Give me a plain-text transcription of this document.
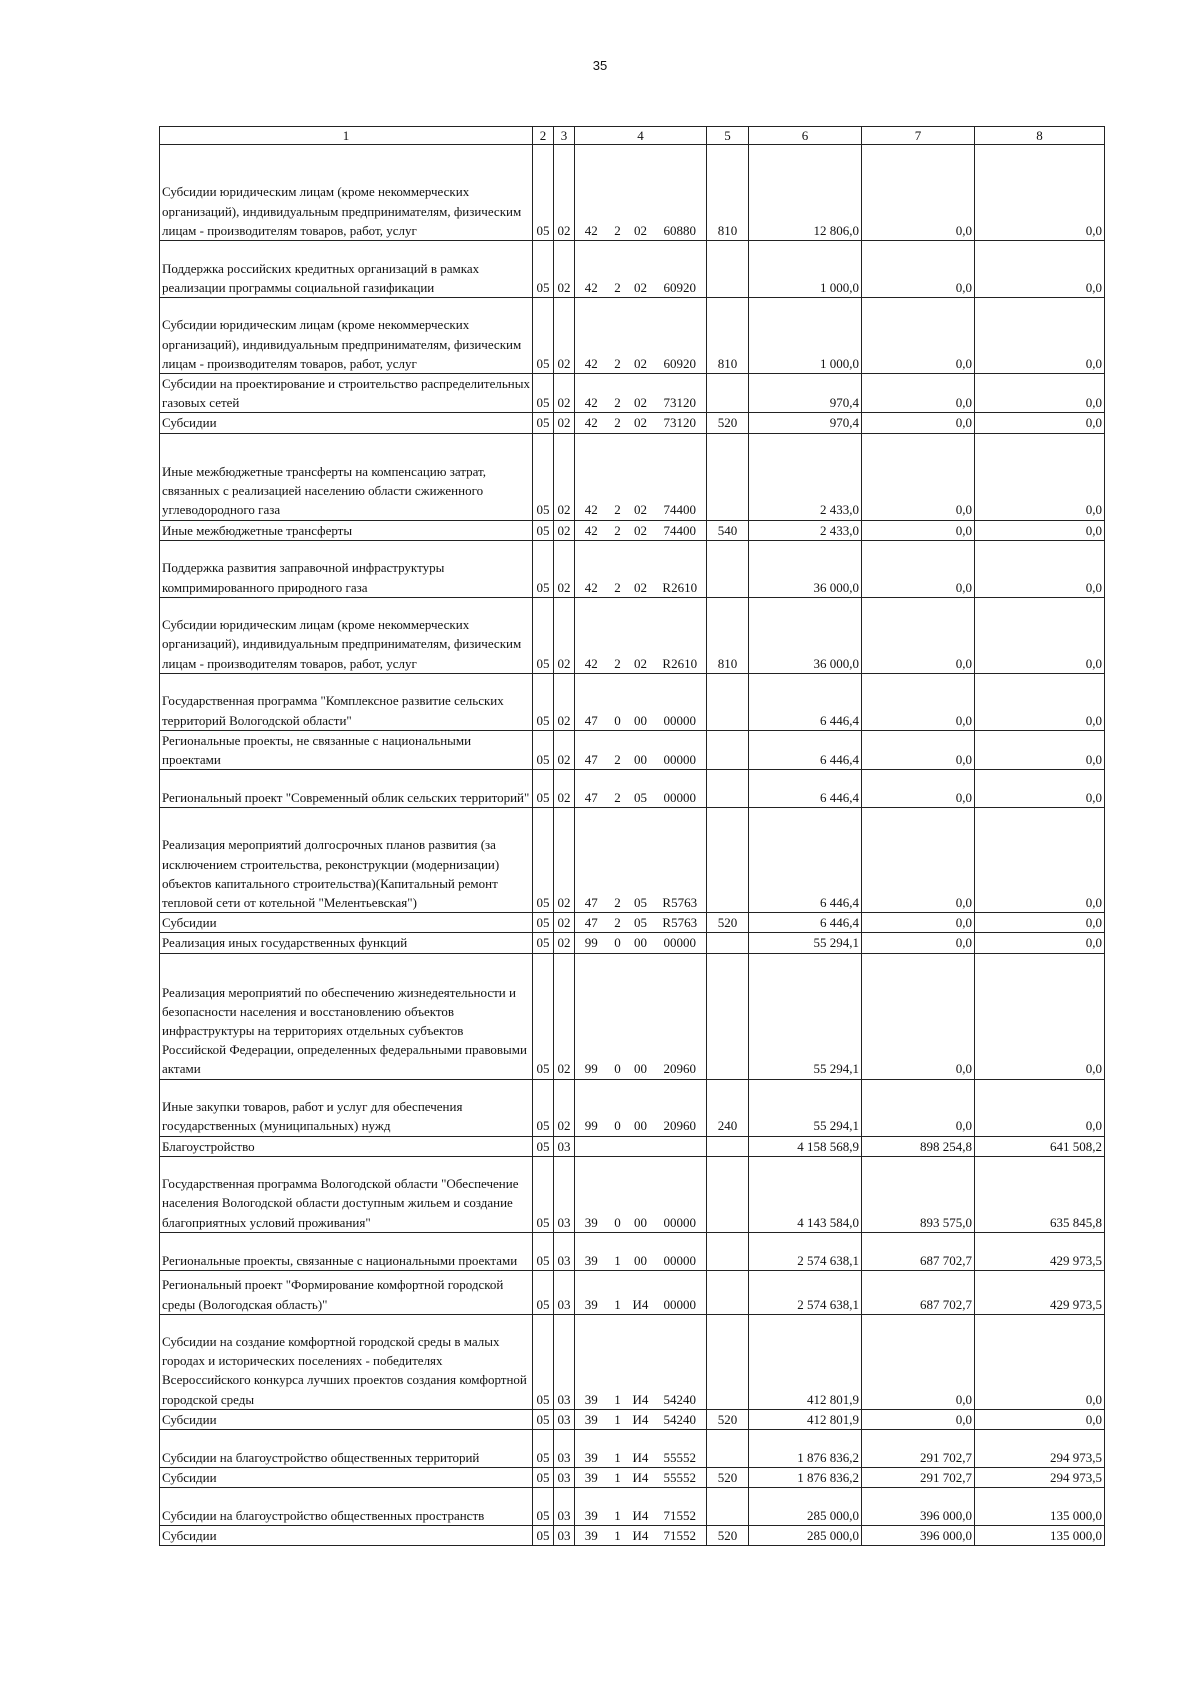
35
1	2	3	4				5	6	7	8
Субсидии юридическим лицам (кроме некоммерческих организаций), индивидуальным предпринимателям, физическим лицам - производителям товаров, работ, услуг	05	02	42	2	02	60880	810	12 806,0	0,0	0,0
Поддержка российских кредитных организаций в рамках реализации программы социальной газификации	05	02	42	2	02	60920		1 000,0	0,0	0,0
Субсидии юридическим лицам (кроме некоммерческих организаций), индивидуальным предпринимателям, физическим лицам - производителям товаров, работ, услуг	05	02	42	2	02	60920	810	1 000,0	0,0	0,0
Субсидии на проектирование и строительство распределительных газовых сетей	05	02	42	2	02	73120		970,4	0,0	0,0
Субсидии	05	02	42	2	02	73120	520	970,4	0,0	0,0
Иные межбюджетные трансферты на компенсацию затрат, связанных с реализацией населению области сжиженного углеводородного газа	05	02	42	2	02	74400		2 433,0	0,0	0,0
Иные межбюджетные трансферты	05	02	42	2	02	74400	540	2 433,0	0,0	0,0
Поддержка развития заправочной инфраструктуры компримированного природного газа	05	02	42	2	02	R2610		36 000,0	0,0	0,0
Субсидии юридическим лицам (кроме некоммерческих организаций), индивидуальным предпринимателям, физическим лицам - производителям товаров, работ, услуг	05	02	42	2	02	R2610	810	36 000,0	0,0	0,0
Государственная программа "Комплексное развитие сельских территорий Вологодской области"	05	02	47	0	00	00000		6 446,4	0,0	0,0
Региональные проекты, не связанные с национальными проектами	05	02	47	2	00	00000		6 446,4	0,0	0,0
Региональный проект "Современный облик сельских территорий"	05	02	47	2	05	00000		6 446,4	0,0	0,0
Реализация мероприятий долгосрочных планов развития (за исключением строительства, реконструкции (модернизации) объектов капитального строительства)(Капитальный ремонт тепловой сети от котельной "Мелентьевская")	05	02	47	2	05	R5763		6 446,4	0,0	0,0
Субсидии	05	02	47	2	05	R5763	520	6 446,4	0,0	0,0
Реализация иных государственных функций	05	02	99	0	00	00000		55 294,1	0,0	0,0
Реализация мероприятий по обеспечению жизнедеятельности и безопасности населения и восстановлению объектов инфраструктуры на территориях отдельных субъектов Российской Федерации, определенных федеральными правовыми актами	05	02	99	0	00	20960		55 294,1	0,0	0,0
Иные закупки товаров, работ и услуг для обеспечения государственных (муниципальных) нужд	05	02	99	0	00	20960	240	55 294,1	0,0	0,0
Благоустройство	05	03						4 158 568,9	898 254,8	641 508,2
Государственная программа Вологодской области "Обеспечение населения Вологодской области доступным жильем и создание благоприятных условий проживания"	05	03	39	0	00	00000		4 143 584,0	893 575,0	635 845,8
Региональные проекты, связанные с национальными проектами	05	03	39	1	00	00000		2 574 638,1	687 702,7	429 973,5
Региональный проект "Формирование комфортной городской среды (Вологодская область)"	05	03	39	1	И4	00000		2 574 638,1	687 702,7	429 973,5
Субсидии на создание комфортной городской среды в малых городах и исторических поселениях - победителях Всероссийского конкурса лучших проектов создания комфортной городской среды	05	03	39	1	И4	54240		412 801,9	0,0	0,0
Субсидии	05	03	39	1	И4	54240	520	412 801,9	0,0	0,0
Субсидии на благоустройство общественных территорий	05	03	39	1	И4	55552		1 876 836,2	291 702,7	294 973,5
Субсидии	05	03	39	1	И4	55552	520	1 876 836,2	291 702,7	294 973,5
Субсидии на благоустройство общественных пространств	05	03	39	1	И4	71552		285 000,0	396 000,0	135 000,0
Субсидии	05	03	39	1	И4	71552	520	285 000,0	396 000,0	135 000,0
